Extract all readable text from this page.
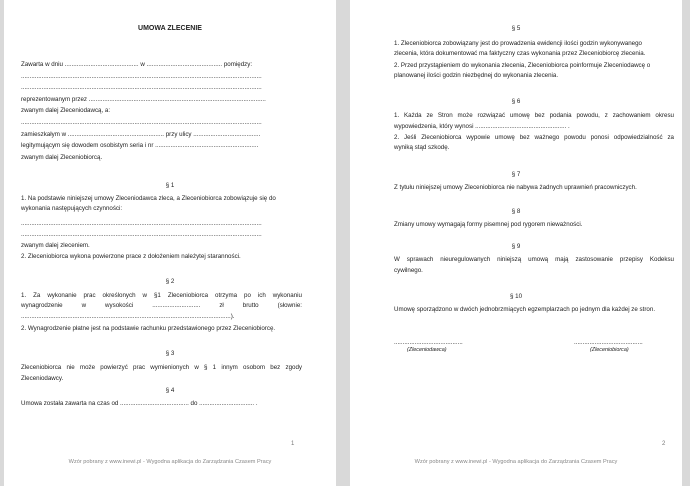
UMOWA ZLECENIE
Zawarta w dniu ........................................... w ............................................ pomiędzy:
............................................................................................................................................
............................................................................................................................................
reprezentowanym przez .......................................................................................................
zwanym dalej Zleceniodawcą, a:
............................................................................................................................................
zamieszkałym w ........................................................ przy ulicy .......................................
legitymującym się dowodem osobistym seria i nr ............................................................
zwanym dalej Zleceniobiorcą.
§ 1
1. Na podstawie niniejszej umowy Zleceniodawca zleca, a Zleceniobiorca zobowiązuje się do
wykonania następujących czynności:
............................................................................................................................................
............................................................................................................................................
zwanym dalej zleceniem.
2. Zleceniobiorca wykona powierzone prace z dołożeniem należytej staranności.
§ 2
1. Za wykonanie prac określonych w §1 Zleceniobiorca otrzyma po ich wykonaniu
wynagrodzenie w wysokości ............................ zł brutto (słownie:
..........................................................................................................................).
2. Wynagrodzenie płatne jest na podstawie rachunku przedstawionego przez Zleceniobiorcę.
§ 3
Zleceniobiorca nie może powierzyć prac wymienionych w § 1 innym osobom bez zgody
Zleceniodawcy.
§ 4
Umowa została zawarta na czas od ........................................ do ................................ .
1
Wzór pobrany z www.inewi.pl - Wygodna aplikacja do Zarządzania Czasem Pracy
§ 5
1. Zleceniobiorca zobowiązany jest do prowadzenia ewidencji ilości godzin wykonywanego
zlecenia, która dokumentować ma faktyczny czas wykonania przez Zleceniobiorcę zlecenia.
2. Przed przystąpieniem do wykonania zlecenia, Zleceniobiorca poinformuje Zleceniodawcę o
planowanej ilości godzin niezbędnej do wykonania zlecenia.
§ 6
1. Każda ze Stron może rozwiązać umowę bez podania powodu, z zachowaniem okresu
wypowiedzenia, który wynosi ..................................................... .
2. Jeśli Zleceniobiorca wypowie umowę bez ważnego powodu ponosi odpowiedzialność za
wyniką stąd szkodę.
§ 7
Z tytułu niniejszej umowy Zleceniobiorca nie nabywa żadnych uprawnień pracowniczych.
§ 8
Zmiany umowy wymagają formy pisemnej pod rygorem nieważności.
§ 9
W sprawach nieuregulowanych niniejszą umową mają zastosowanie przepisy Kodeksu
cywilnego.
§ 10
Umowę sporządzono w dwóch jednobrzmiących egzemplarzach po jednym dla każdej ze stron.
........................................
(Zleceniodawca)
........................................
(Zleceniobiorca)
2
Wzór pobrany z www.inewi.pl - Wygodna aplikacja do Zarządzania Czasem Pracy
